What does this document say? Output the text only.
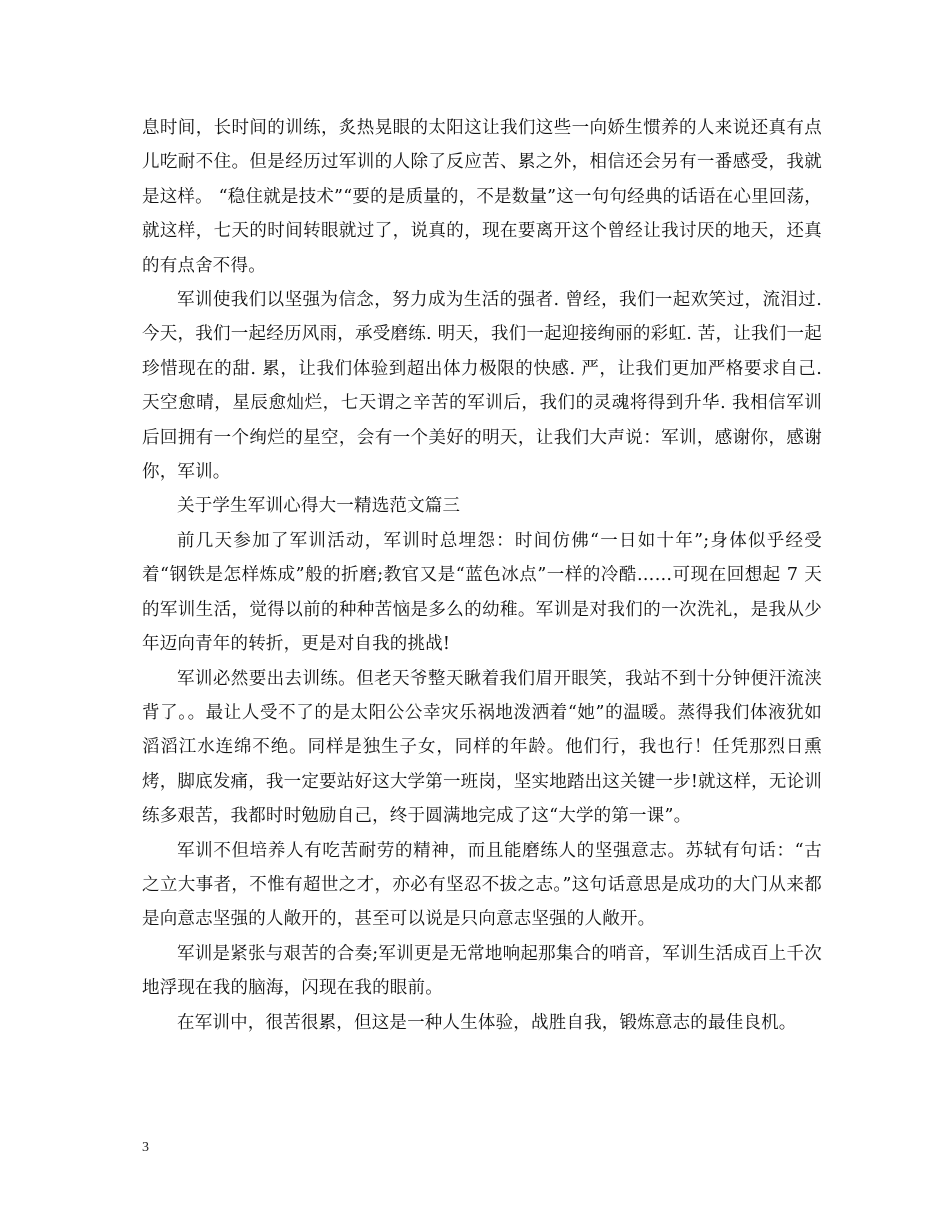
息时间，长时间的训练，炙热晃眼的太阳这让我们这些一向娇生惯养的人来说还真有点儿吃耐不住。但是经历过军训的人除了反应苦、累之外，相信还会另有一番感受，我就是这样。 “稳住就是技术”“要的是质量的，不是数量”这一句句经典的话语在心里回荡，就这样，七天的时间转眼就过了，说真的，现在要离开这个曾经让我讨厌的地天，还真的有点舍不得。

军训使我们以坚强为信念，努力成为生活的强者. 曾经，我们一起欢笑过，流泪过. 今天，我们一起经历风雨，承受磨练. 明天，我们一起迎接绚丽的彩虹. 苦，让我们一起珍惜现在的甜. 累，让我们体验到超出体力极限的快感. 严，让我们更加严格要求自己. 天空愈晴，星辰愈灿烂，七天谓之辛苦的军训后，我们的灵魂将得到升华. 我相信军训后回拥有一个绚烂的星空，会有一个美好的明天，让我们大声说：军训，感谢你，感谢你，军训。

关于学生军训心得大一精选范文篇三

前几天参加了军训活动，军训时总埋怨：时间仿佛“一日如十年”;身体似乎经受着“钢铁是怎样炼成”般的折磨;教官又是“蓝色冰点”一样的冷酷……可现在回想起 7 天的军训生活，觉得以前的种种苦恼是多么的幼稚。军训是对我们的一次洗礼，是我从少年迈向青年的转折，更是对自我的挑战!

军训必然要出去训练。但老天爷整天瞅着我们眉开眼笑，我站不到十分钟便汗流浃背了。。最让人受不了的是太阳公公幸灾乐祸地泼洒着“她”的温暖。蒸得我们体液犹如滔滔江水连绵不绝。同样是独生子女，同样的年龄。他们行，我也行！任凭那烈日熏烤，脚底发痛，我一定要站好这大学第一班岗，坚实地踏出这关键一步!就这样，无论训练多艰苦，我都时时勉励自己，终于圆满地完成了这“大学的第一课”。

军训不但培养人有吃苦耐劳的精神，而且能磨练人的坚强意志。苏轼有句话：“古之立大事者，不惟有超世之才，亦必有坚忍不拔之志。”这句话意思是成功的大门从来都是向意志坚强的人敞开的，甚至可以说是只向意志坚强的人敞开。

军训是紧张与艰苦的合奏;军训更是无常地响起那集合的哨音，军训生活成百上千次地浮现在我的脑海，闪现在我的眼前。

在军训中，很苦很累，但这是一种人生体验，战胜自我，锻炼意志的最佳良机。

3
